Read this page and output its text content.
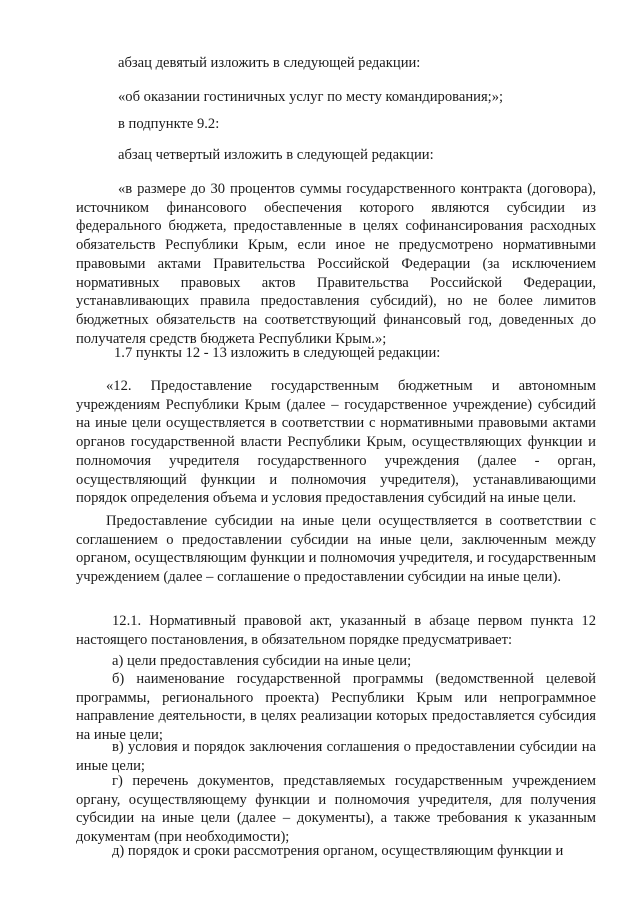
абзац девятый изложить в следующей редакции:

«об оказании гостиничных услуг по месту командирования;»;

в подпункте 9.2:

абзац четвертый изложить в следующей редакции:

«в размере до 30 процентов суммы государственного контракта (договора), источником финансового обеспечения которого являются субсидии из федерального бюджета, предоставленные в целях софинансирования расходных обязательств Республики Крым, если иное не предусмотрено нормативными правовыми актами Правительства Российской Федерации (за исключением нормативных правовых актов Правительства Российской Федерации, устанавливающих правила предоставления субсидий), но не более лимитов бюджетных обязательств на соответствующий финансовый год, доведенных до получателя средств бюджета Республики Крым.»;

1.7 пункты 12 - 13 изложить в следующей редакции:

«12. Предоставление государственным бюджетным и автономным учреждениям Республики Крым (далее – государственное учреждение) субсидий на иные цели осуществляется в соответствии с нормативными правовыми актами органов государственной власти Республики Крым, осуществляющих функции и полномочия учредителя государственного учреждения (далее - орган, осуществляющий функции и полномочия учредителя), устанавливающими порядок определения объема и условия предоставления субсидий на иные цели.

Предоставление субсидии на иные цели осуществляется в соответствии с соглашением о предоставлении субсидии на иные цели, заключенным между органом, осуществляющим функции и полномочия учредителя, и государственным учреждением (далее – соглашение о предоставлении субсидии на иные цели).

12.1. Нормативный правовой акт, указанный в абзаце первом пункта 12 настоящего постановления, в обязательном порядке предусматривает:

а) цели предоставления субсидии на иные цели;

б) наименование государственной программы (ведомственной целевой программы, регионального проекта) Республики Крым или непрограммное направление деятельности, в целях реализации которых предоставляется субсидия на иные цели;

в) условия и порядок заключения соглашения о предоставлении субсидии на иные цели;

г) перечень документов, представляемых государственным учреждением органу, осуществляющему функции и полномочия учредителя, для получения субсидии на иные цели (далее – документы), а также требования к указанным документам (при необходимости);

д) порядок и сроки рассмотрения органом, осуществляющим функции и
